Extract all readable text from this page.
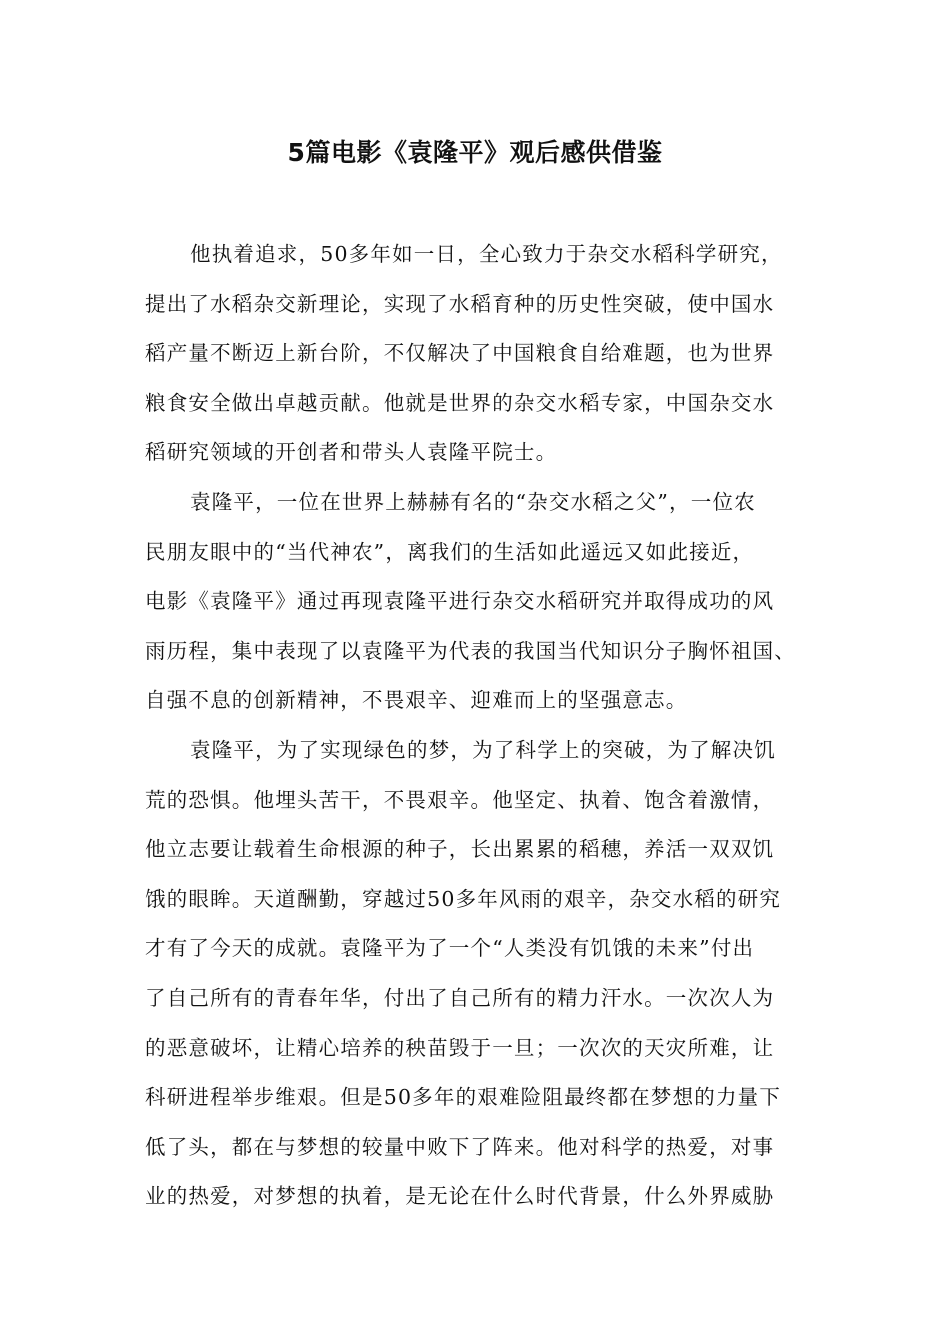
5篇电影《袁隆平》观后感供借鉴
他执着追求，50多年如一日，全心致力于杂交水稻科学研究，
提出了水稻杂交新理论，实现了水稻育种的历史性突破，使中国水
稻产量不断迈上新台阶，不仅解决了中国粮食自给难题，也为世界
粮食安全做出卓越贡献。他就是世界的杂交水稻专家，中国杂交水
稻研究领域的开创者和带头人袁隆平院士。
袁隆平，一位在世界上赫赫有名的“杂交水稻之父”，一位农
民朋友眼中的“当代神农”，离我们的生活如此遥远又如此接近，
电影《袁隆平》通过再现袁隆平进行杂交水稻研究并取得成功的风
雨历程，集中表现了以袁隆平为代表的我国当代知识分子胸怀祖国、
自强不息的创新精神，不畏艰辛、迎难而上的坚强意志。
袁隆平，为了实现绿色的梦，为了科学上的突破，为了解决饥
荒的恐惧。他埋头苦干，不畏艰辛。他坚定、执着、饱含着激情，
他立志要让载着生命根源的种子，长出累累的稻穗，养活一双双饥
饿的眼眸。天道酬勤，穿越过50多年风雨的艰辛，杂交水稻的研究
才有了今天的成就。袁隆平为了一个“人类没有饥饿的未来”付出
了自己所有的青春年华，付出了自己所有的精力汗水。一次次人为
的恶意破坏，让精心培养的秧苗毁于一旦；一次次的天灾所难，让
科研进程举步维艰。但是50多年的艰难险阻最终都在梦想的力量下
低了头，都在与梦想的较量中败下了阵来。他对科学的热爱，对事
业的热爱，对梦想的执着，是无论在什么时代背景，什么外界威胁
